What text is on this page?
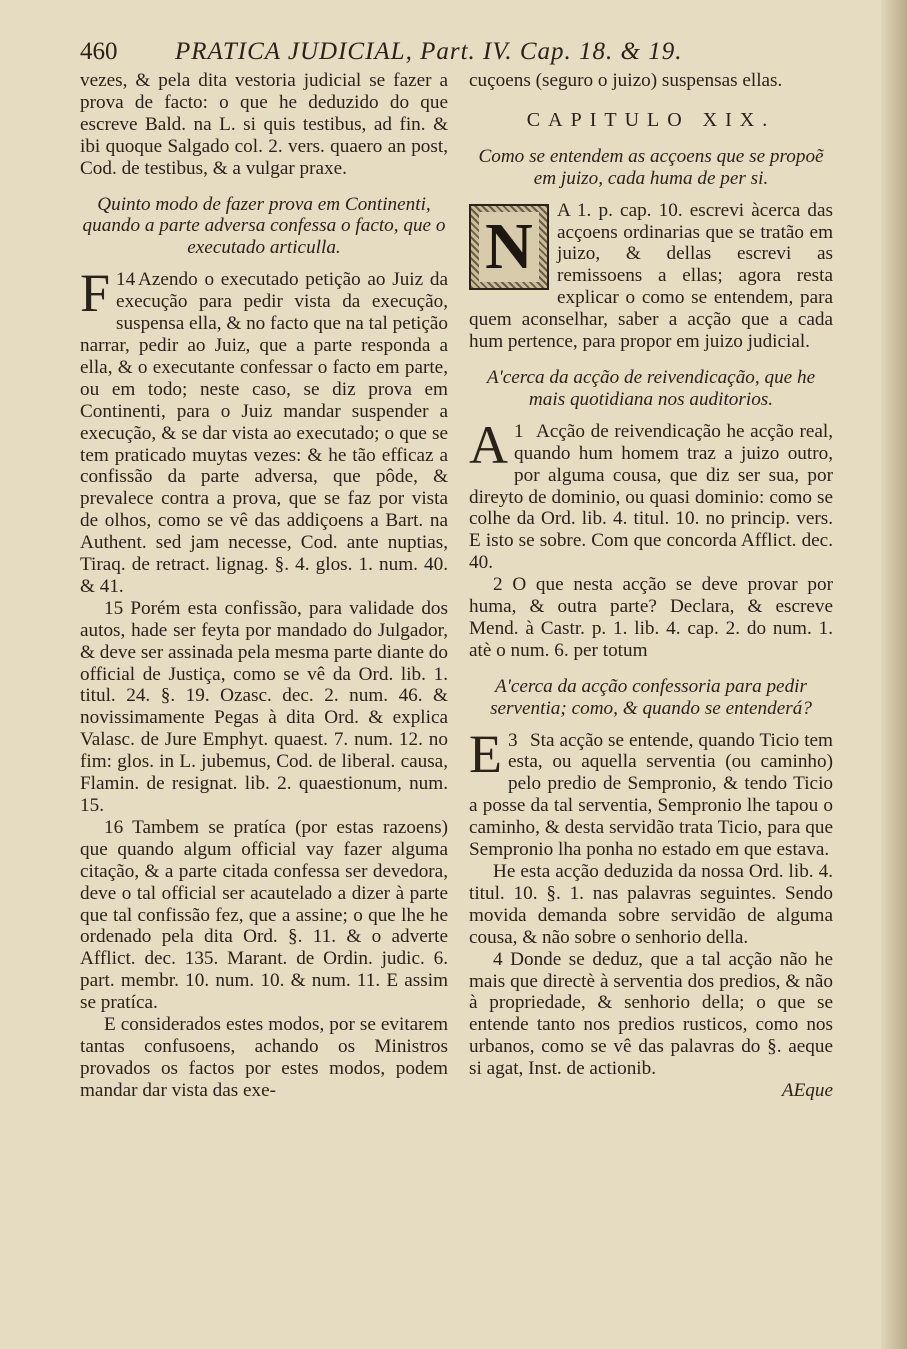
460 PRATICA JUDICIAL, Part. IV. Cap. 18. & 19.

vezes, & pela dita vestoria judicial se fazer a prova de facto: o que he deduzido do que escreve Bald. na L. si quis testibus, ad fin. & ibi quoque Salgado col. 2. vers. quaero an post, Cod. de testibus, & a vulgar praxe.

Quinto modo de fazer prova em Continenti, quando a parte adversa confessa o facto, que o executado articulla.

14
F Azendo o executado petição ao Juiz da execução para pedir vista da execução, suspensa ella, & no facto que na tal petição narrar, pedir ao Juiz, que a parte responda a ella, & o executante confessar o facto em parte, ou em todo; neste caso, se diz prova em Continenti, para o Juiz mandar suspender a execução, & se dar vista ao executado; o que se tem praticado muytas vezes: & he tão efficaz a confissão da parte adversa, que pôde, & prevalece contra a prova, que se faz por vista de olhos, como se vê das addiçoens a Bart. na Authent. sed jam necesse, Cod. ante nuptias, Tiraq. de retract. lignag. §. 4. glos. 1. num. 40. & 41.

15 Porém esta confissão, para validade dos autos, hade ser feyta por mandado do Julgador, & deve ser assinada pela mesma parte diante do official de Justiça, como se vê da Ord. lib. 1. titul. 24. §. 19. Ozasc. dec. 2. num. 46. & novissimamente Pegas à dita Ord. & explica Valasc. de Jure Emphyt. quaest. 7. num. 12. no fim: glos. in L. jubemus, Cod. de liberal. causa, Flamin. de resignat. lib. 2. quaestionum, num. 15.

16 Tambem se pratíca (por estas razoens) que quando algum official vay fazer alguma citação, & a parte citada confessa ser devedora, deve o tal official ser acautelado a dizer à parte que tal confissão fez, que a assine; o que lhe he ordenado pela dita Ord. §. 11. & o adverte Afflict. dec. 135. Marant. de Ordin. judic. 6. part. membr. 10. num. 10. & num. 11. E assim se pratíca.

E considerados estes modos, por se evitarem tantas confusoens, achando os Ministros provados os factos por estes modos, podem mandar dar vista das exe-

cuçoens (seguro o juizo) suspensas ellas.

CAPITULO XIX.

Como se entendem as acçoens que se propoẽ em juizo, cada huma de per si.

N	A 1. p. cap. 10. escrevi àcerca das acçoens ordinarias que se tratão em juizo, & dellas escrevi as remissoens a ellas; agora resta explicar o como se entendem, para quem aconselhar, saber a acção que a cada hum pertence, para propor em juizo judicial.

A'cerca da acção de reivendicação, que he mais quotidiana nos auditorios.

1
A Acção de reivendicação he acção real, quando hum homem traz a juizo outro, por alguma cousa, que diz ser sua, por direyto de dominio, ou quasi dominio: como se colhe da Ord. lib. 4. titul. 10. no princip. vers. E isto se sobre. Com que concorda Afflict. dec. 40.

2 O que nesta acção se deve provar por huma, & outra parte? Declara, & escreve Mend. à Castr. p. 1. lib. 4. cap. 2. do num. 1. atè o num. 6. per totum

A'cerca da acção confessoria para pedir serventia; como, & quando se entenderá?

3
E Sta acção se entende, quando Ticio tem esta, ou aquella serventia (ou caminho) pelo predio de Sempronio, & tendo Ticio a posse da tal serventia, Sempronio lhe tapou o caminho, & desta servidão trata Ticio, para que Sempronio lha ponha no estado em que estava.

He esta acção deduzida da nossa Ord. lib. 4. titul. 10. §. 1. nas palavras seguintes. Sendo movida demanda sobre servidão de alguma cousa, & não sobre o senhorio della.

4 Donde se deduz, que a tal acção não he mais que directè à serventia dos predios, & não à propriedade, & senhorio della; o que se entende tanto nos predios rusticos, como nos urbanos, como se vê das palavras do §. aeque si agat, Inst. de actionib.

AEque
